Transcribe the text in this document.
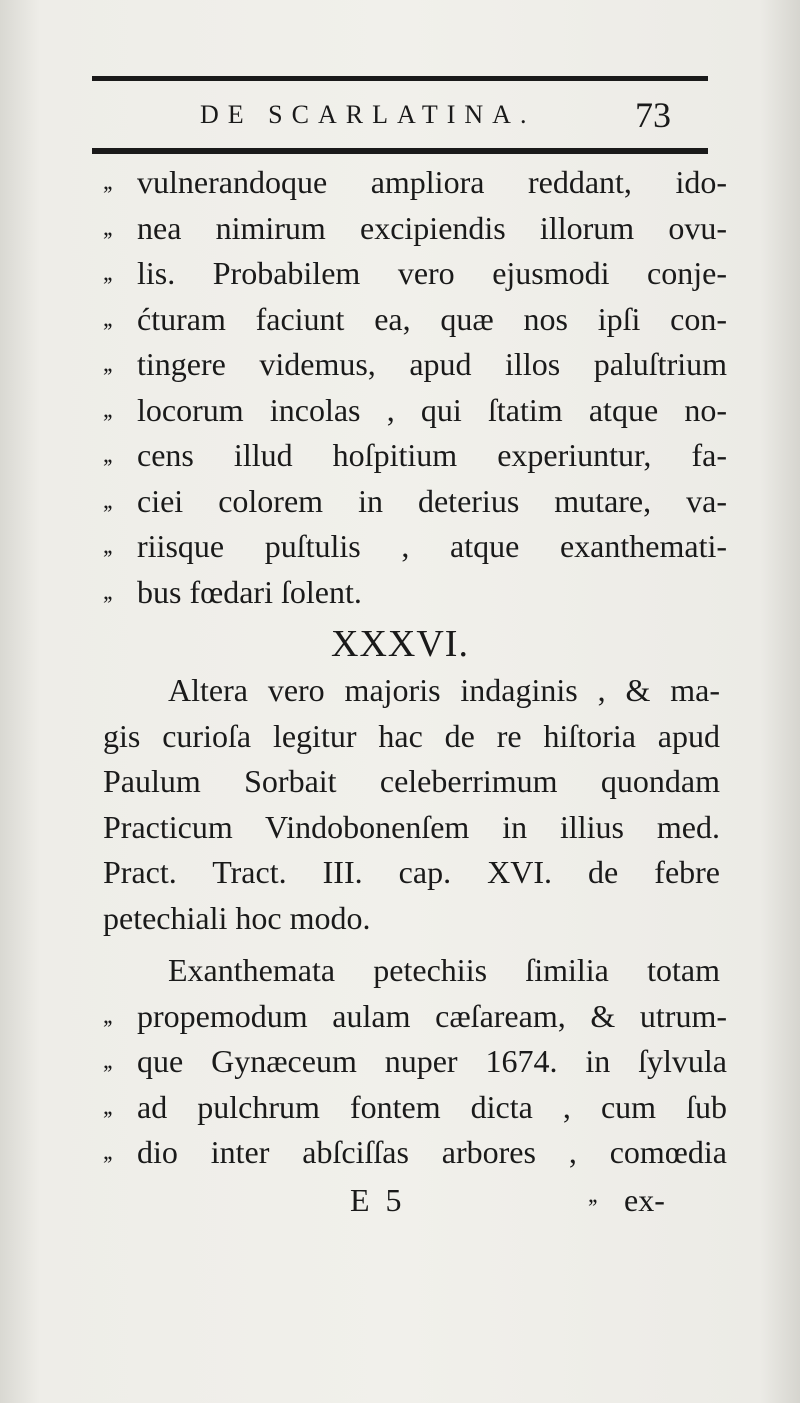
DE SCARLATINA.	73
,, vulnerandoque ampliora reddant, ido-
,, nea nimirum excipiendis illorum ovu-
,, lis. Probabilem vero ejusmodi conje-
,, ćturam faciunt ea, quæ nos ipſi con-
,, tingere videmus, apud illos paluſtrium
,, locorum incolas , qui ſtatim atque no-
,, cens illud hoſpitium experiuntur, fa-
,, ciei colorem in deterius mutare, va-
,, riisque puſtulis , atque exanthemati-
,, bus fœdari ſolent.
XXXVI.
Altera vero majoris indaginis , & ma-
gis curioſa legitur hac de re hiſtoria apud
Paulum Sorbait celeberrimum quondam
Practicum Vindobonenſem in illius med.
Pract. Tract. III. cap. XVI. de febre
petechiali hoc modo.
Exanthemata petechiis ſimilia totam
,, propemodum aulam cæſaream, & utrum-
,, que Gynæceum nuper 1674. in ſylvula
,, ad pulchrum fontem dicta , cum ſub
,, dio inter abſciſſas arbores , comœdia
E 5	,, ex-
